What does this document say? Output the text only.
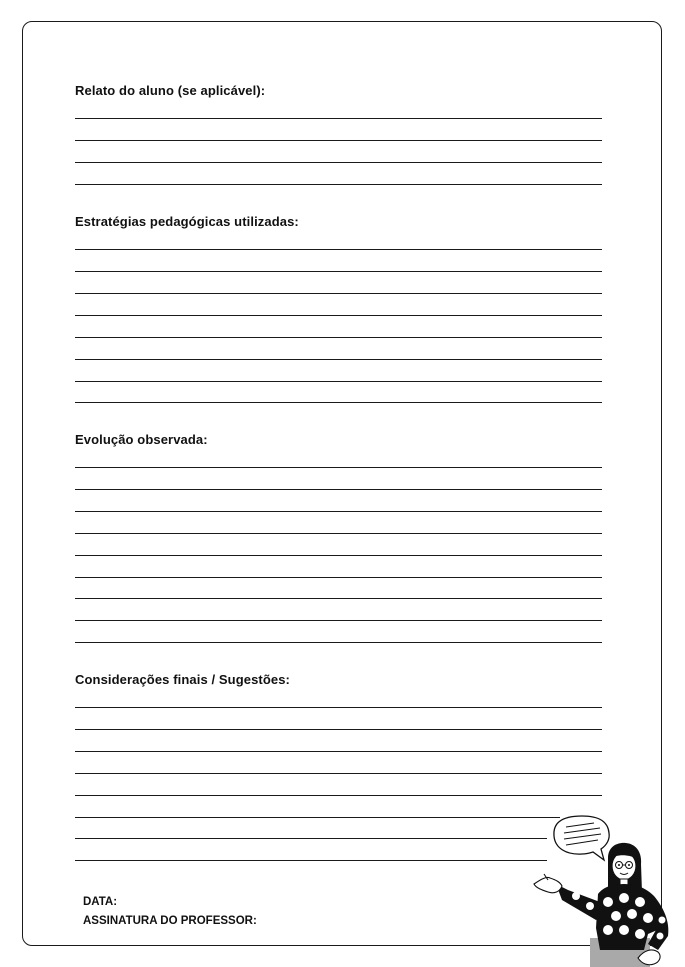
Relato do aluno (se aplicável):
Estratégias pedagógicas utilizadas:
Evolução observada:
Considerações finais / Sugestões:
DATA:
ASSINATURA DO PROFESSOR:
